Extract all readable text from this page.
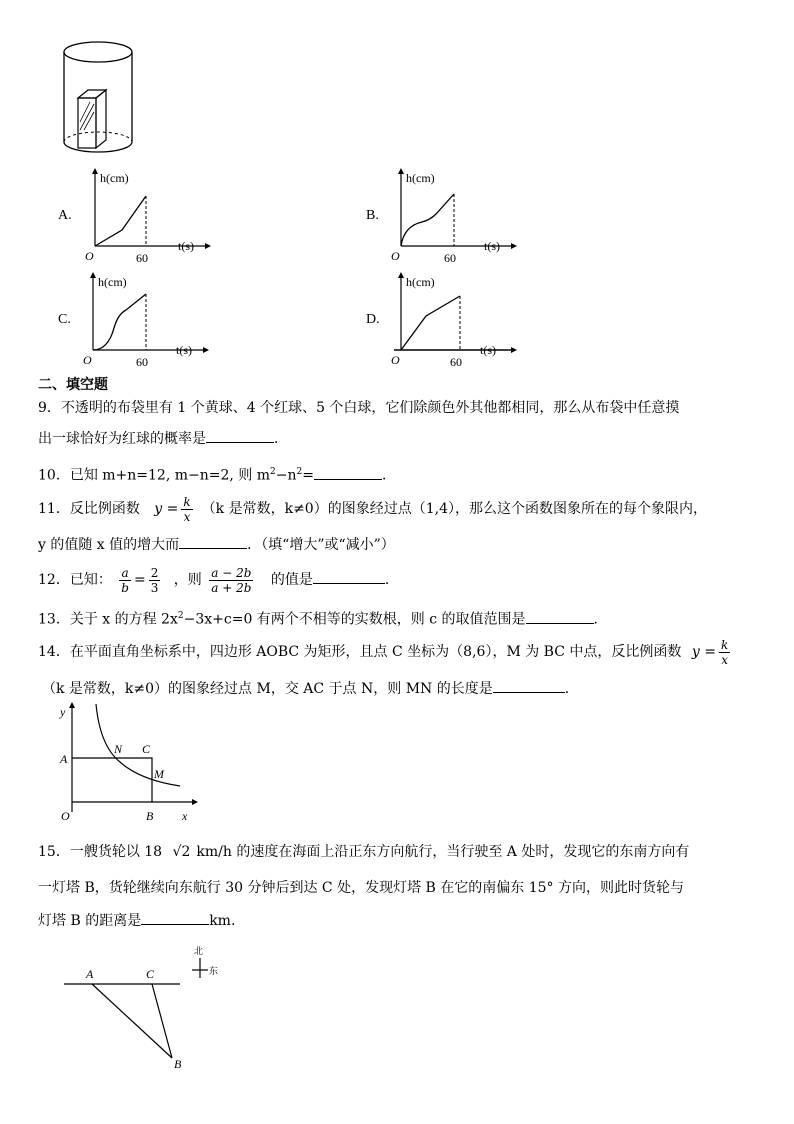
A.
h(cm)
O	60
t(s)
B.
h(cm)
O	60
t(s)
C.
h(cm)
O	60
t(s)
D.
h(cm)
O	60
t(s)
二、填空题
9．不透明的布袋里有 1 个黄球、4 个红球、5 个白球，它们除颜色外其他都相同，那么从布袋中任意摸
出一球恰好为红球的概率是	．
10．已知 m+n=12, m−n=2, 则 $m^2-n^2=$	．
11．反比例函数 $y = \frac{k}{x} (k$ 是常数，k≠0）的图象经过点（1,4），那么这个函数图象所在的每个象限内，
y 的值随 x 值的增大而	．（填“增大”或“减小”）
12．已知： $\frac{a}{b} = \frac{2}{3}$ ，则 $\frac{a - 2b}{a + 2b}$ 的值是	．
13．关于 x 的方程 $2x^2-3x+c=0$ 有两个不相等的实数根，则 c 的取值范围是	．
14．在平面直角坐标系中，四边形 AOBC 为矩形，且点 C 坐标为（8,6），M 为 BC 中点，反比例函数 $y = \frac{k}{x}$
（k 是常数，k≠0）的图象经过点 M，交 AC 于点 N，则 MN 的长度是	．
y
A
N C
M
O	B x
15．一艘货轮以 18 √2 km/h 的速度在海面上沿正东方向航行，当行驶至 A 处时，发现它的东南方向有
一灯塔 B，货轮继续向东航行 30 分钟后到达 C 处，发现灯塔 B 在它的南偏东 15° 方向，则此时货轮与
灯塔 B 的距离是	km.
A	C
B
北
东
